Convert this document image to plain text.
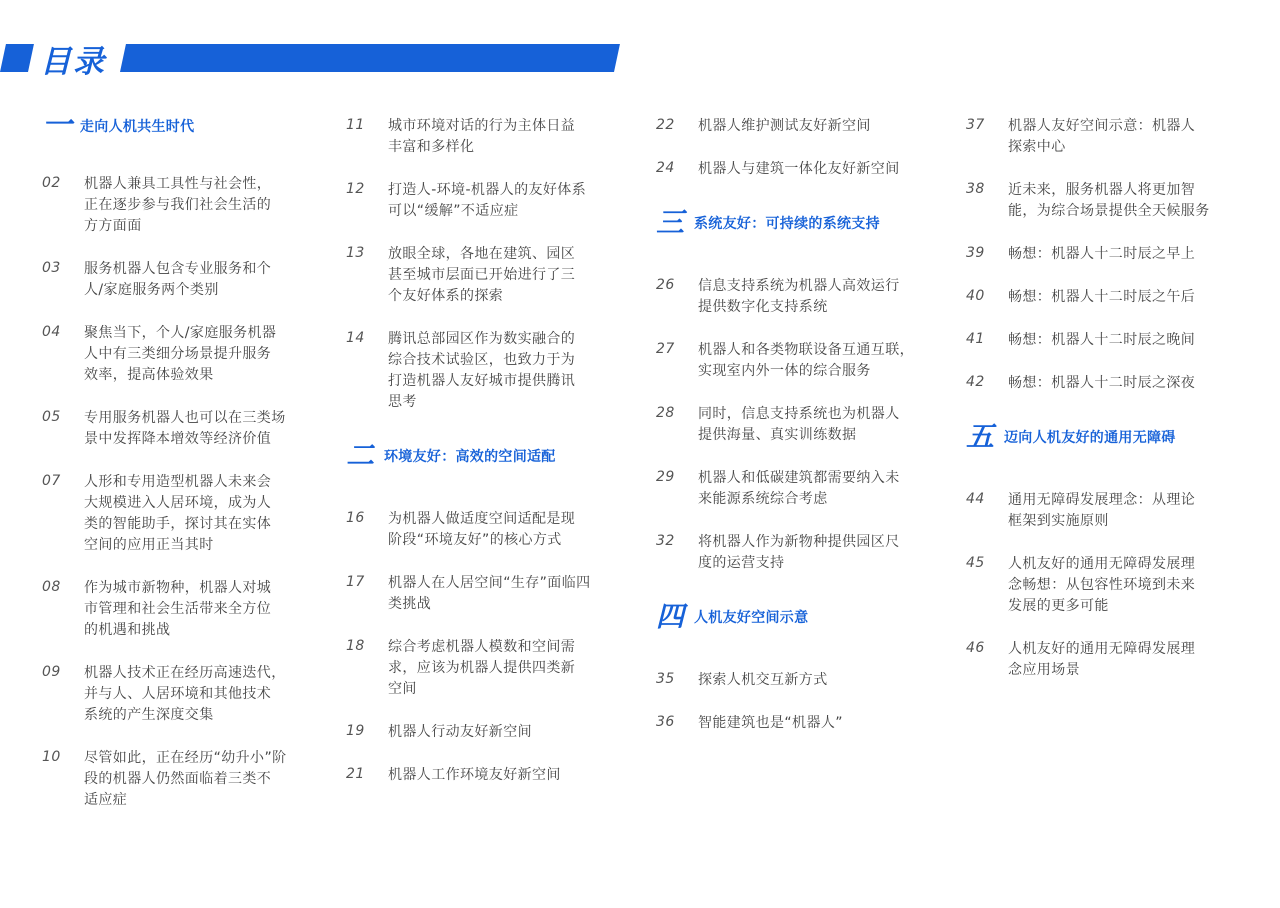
目录
一 走向人机共生时代
02	机器人兼具工具性与社会性，
正在逐步参与我们社会生活的
方方面面
03	服务机器人包含专业服务和个
人/家庭服务两个类别
04	聚焦当下，个人/家庭服务机器
人中有三类细分场景提升服务
效率，提高体验效果
05	专用服务机器人也可以在三类场
景中发挥降本增效等经济价值
07	人形和专用造型机器人未来会
大规模进入人居环境，成为人
类的智能助手，探讨其在实体
空间的应用正当其时
08	作为城市新物种，机器人对城
市管理和社会生活带来全方位
的机遇和挑战
09	机器人技术正在经历高速迭代，
并与人、人居环境和其他技术
系统的产生深度交集
10	尽管如此，正在经历“幼升小”阶
段的机器人仍然面临着三类不
适应症
11	城市环境对话的行为主体日益
丰富和多样化
12	打造人-环境-机器人的友好体系
可以“缓解”不适应症
13	放眼全球，各地在建筑、园区
甚至城市层面已开始进行了三
个友好体系的探索
14	腾讯总部园区作为数实融合的
综合技术试验区，也致力于为
打造机器人友好城市提供腾讯
思考
二 环境友好：高效的空间适配
16	为机器人做适度空间适配是现
阶段“环境友好”的核心方式
17	机器人在人居空间“生存”面临四
类挑战
18	综合考虑机器人模数和空间需
求，应该为机器人提供四类新
空间
19	机器人行动友好新空间
21	机器人工作环境友好新空间
22	机器人维护测试友好新空间
24	机器人与建筑一体化友好新空间
三 系统友好：可持续的系统支持
26	信息支持系统为机器人高效运行
提供数字化支持系统
27	机器人和各类物联设备互通互联，
实现室内外一体的综合服务
28	同时，信息支持系统也为机器人
提供海量、真实训练数据
29	机器人和低碳建筑都需要纳入未
来能源系统综合考虑
32	将机器人作为新物种提供园区尺
度的运营支持
四 人机友好空间示意
35	探索人机交互新方式
36	智能建筑也是“机器人”
37	机器人友好空间示意：机器人
探索中心
38	近未来，服务机器人将更加智
能，为综合场景提供全天候服务
39	畅想：机器人十二时辰之早上
40	畅想：机器人十二时辰之午后
41	畅想：机器人十二时辰之晚间
42	畅想：机器人十二时辰之深夜
五 迈向人机友好的通用无障碍
44	通用无障碍发展理念：从理论
框架到实施原则
45	人机友好的通用无障碍发展理
念畅想：从包容性环境到未来
发展的更多可能
46	人机友好的通用无障碍发展理
念应用场景
